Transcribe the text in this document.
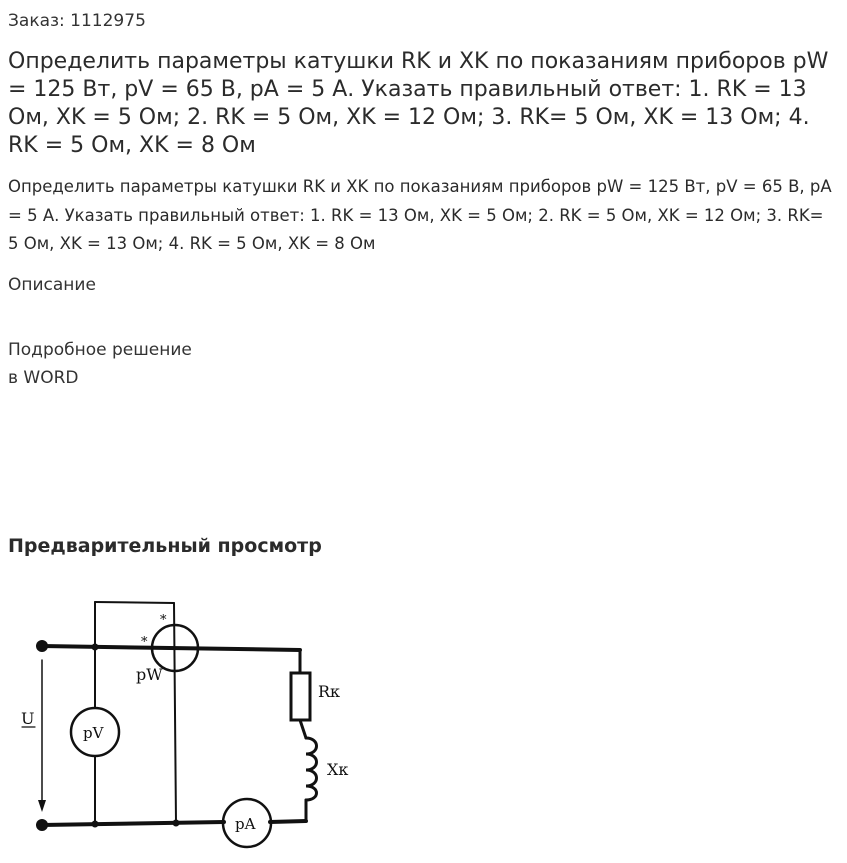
Заказ: 1112975
Определить параметры катушки RK и XK по показаниям приборов pW = 125 Вт, pV = 65 В, pA = 5 А. Указать правильный ответ: 1. RK = 13 Ом, XK = 5 Ом; 2. RK = 5 Ом, XK = 12 Ом; 3. RK= 5 Ом, XK = 13 Ом; 4. RK = 5 Ом, XK = 8 Ом

Определить параметры катушки RK и XK по показаниям приборов pW = 125 Вт, pV = 65 В, pA = 5 А. Указать правильный ответ: 1. RK = 13 Ом, XK = 5 Ом; 2. RK = 5 Ом, XK = 12 Ом; 3. RK= 5 Ом, XK = 13 Ом; 4. RK = 5 Ом, XK = 8 Ом

Описание
Подробное решение
в WORD
Предварительный просмотр
U
pW
pV
pA
Rк
Xк
*
*
